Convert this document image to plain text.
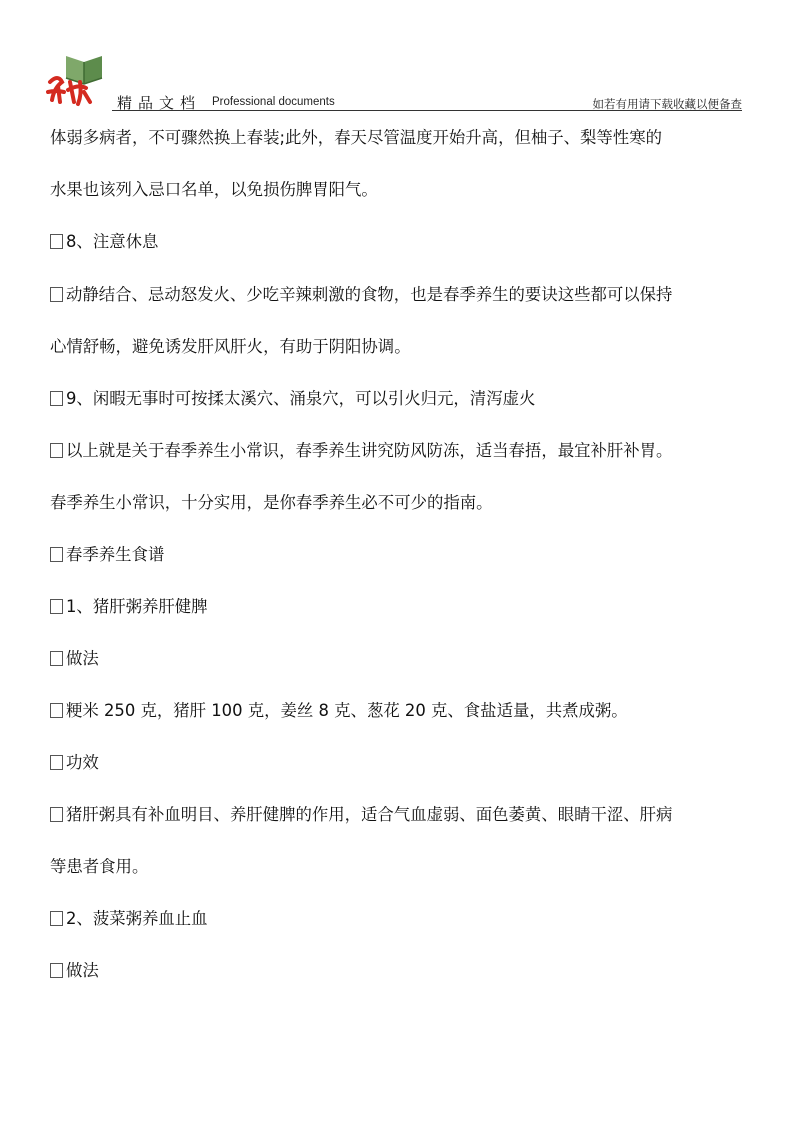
精品文档 Professional documents	如若有用请下载收藏以便备查
体弱多病者，不可骤然换上春装;此外，春天尽管温度开始升高，但柚子、梨等性寒的
水果也该列入忌口名单，以免损伤脾胃阳气。
8、注意休息
动静结合、忌动怒发火、少吃辛辣刺激的食物，也是春季养生的要诀这些都可以保持
心情舒畅，避免诱发肝风肝火，有助于阴阳协调。
9、闲暇无事时可按揉太溪穴、涌泉穴，可以引火归元，清泻虚火
以上就是关于春季养生小常识，春季养生讲究防风防冻，适当春捂，最宜补肝补胃。
春季养生小常识，十分实用，是你春季养生必不可少的指南。
春季养生食谱
1、猪肝粥养肝健脾
做法
粳米 250 克，猪肝 100 克，姜丝 8 克、葱花 20 克、食盐适量，共煮成粥。
功效
猪肝粥具有补血明目、养肝健脾的作用，适合气血虚弱、面色萎黄、眼睛干涩、肝病
等患者食用。
2、菠菜粥养血止血
做法
